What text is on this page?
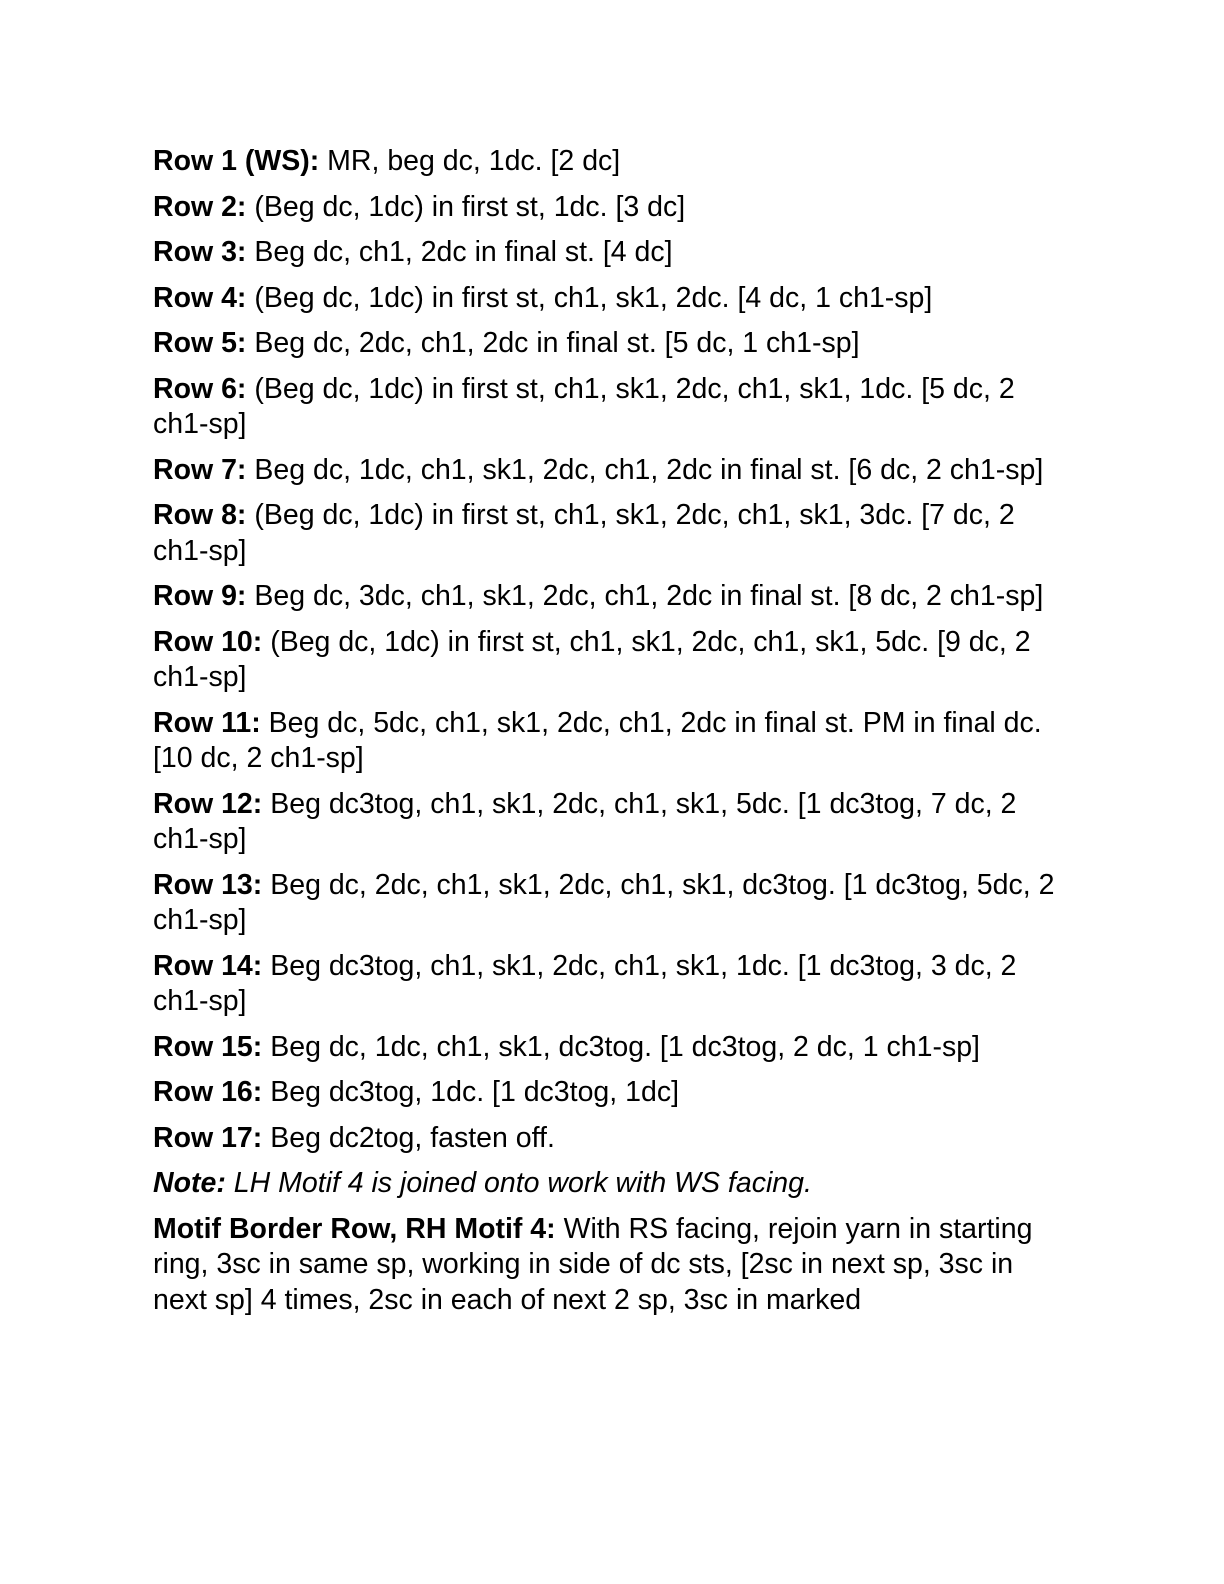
Row 1 (WS): MR, beg dc, 1dc. [2 dc]

Row 2: (Beg dc, 1dc) in first st, 1dc. [3 dc]

Row 3: Beg dc, ch1, 2dc in final st. [4 dc]

Row 4: (Beg dc, 1dc) in first st, ch1, sk1, 2dc. [4 dc, 1 ch1-sp]

Row 5: Beg dc, 2dc, ch1, 2dc in final st. [5 dc, 1 ch1-sp]

Row 6: (Beg dc, 1dc) in first st, ch1, sk1, 2dc, ch1, sk1, 1dc. [5 dc, 2 ch1-sp]

Row 7: Beg dc, 1dc, ch1, sk1, 2dc, ch1, 2dc in final st. [6 dc, 2 ch1-sp]

Row 8: (Beg dc, 1dc) in first st, ch1, sk1, 2dc, ch1, sk1, 3dc. [7 dc, 2 ch1-sp]

Row 9: Beg dc, 3dc, ch1, sk1, 2dc, ch1, 2dc in final st. [8 dc, 2 ch1-sp]

Row 10: (Beg dc, 1dc) in first st, ch1, sk1, 2dc, ch1, sk1, 5dc. [9 dc, 2 ch1-sp]

Row 11: Beg dc, 5dc, ch1, sk1, 2dc, ch1, 2dc in final st. PM in final dc. [10 dc, 2 ch1-sp]

Row 12: Beg dc3tog, ch1, sk1, 2dc, ch1, sk1, 5dc. [1 dc3tog, 7 dc, 2 ch1-sp]

Row 13: Beg dc, 2dc, ch1, sk1, 2dc, ch1, sk1, dc3tog. [1 dc3tog, 5dc, 2 ch1-sp]

Row 14: Beg dc3tog, ch1, sk1, 2dc, ch1, sk1, 1dc. [1 dc3tog, 3 dc, 2 ch1-sp]

Row 15: Beg dc, 1dc, ch1, sk1, dc3tog. [1 dc3tog, 2 dc, 1 ch1-sp]

Row 16: Beg dc3tog, 1dc. [1 dc3tog, 1dc]

Row 17: Beg dc2tog, fasten off.

Note: LH Motif 4 is joined onto work with WS facing.

Motif Border Row, RH Motif 4: With RS facing, rejoin yarn in starting ring, 3sc in same sp, working in side of dc sts, [2sc in next sp, 3sc in next sp] 4 times, 2sc in each of next 2 sp, 3sc in marked
